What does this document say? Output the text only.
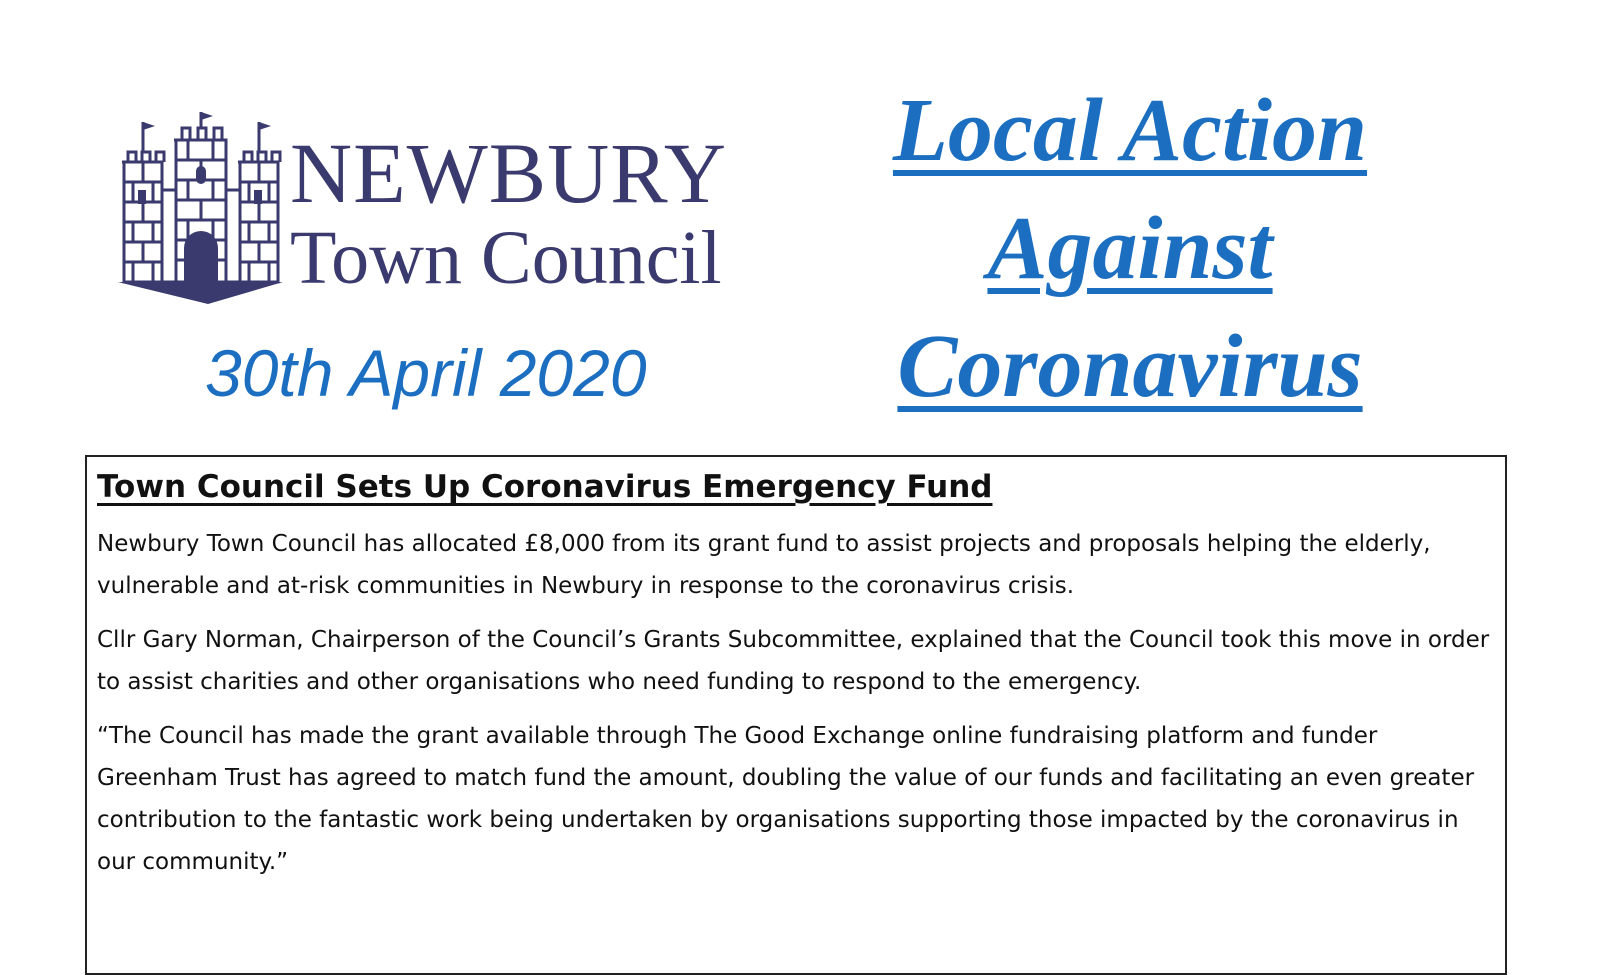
NEWBURY
Town Council
30th April 2020
Local Action
Against
Coronavirus
Town Council Sets Up Coronavirus Emergency Fund

Newbury Town Council has allocated £8,000 from its grant fund to assist projects and proposals helping the elderly, vulnerable and at-risk communities in Newbury in response to the coronavirus crisis.

Cllr Gary Norman, Chairperson of the Council’s Grants Subcommittee, explained that the Council took this move in order to assist charities and other organisations who need funding to respond to the emergency.

“The Council has made the grant available through The Good Exchange online fundraising platform and funder Greenham Trust has agreed to match fund the amount, doubling the value of our funds and facilitating an even greater contribution to the fantastic work being undertaken by organisations supporting those impacted by the coronavirus in our community.”
